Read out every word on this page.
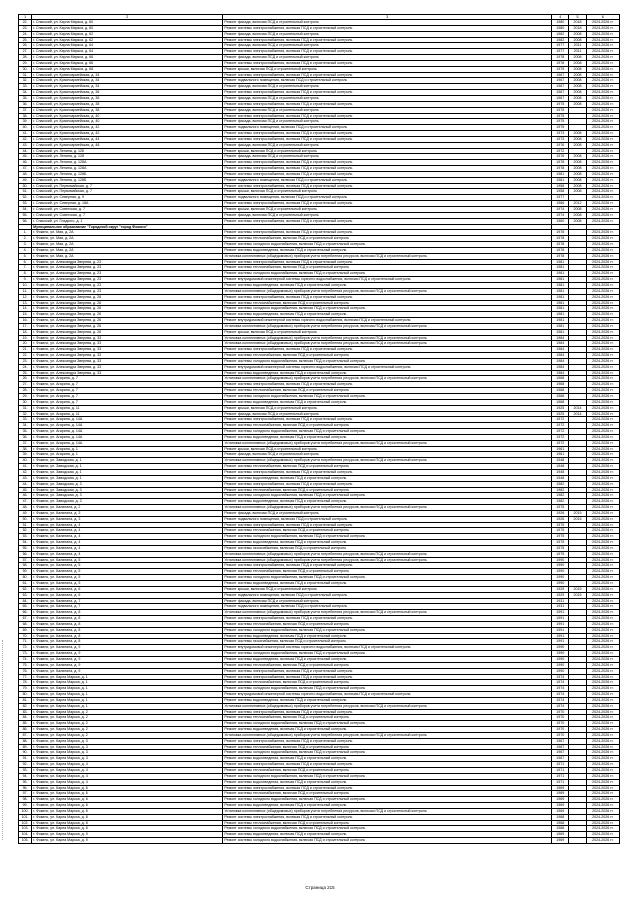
1	2	3	4	5	6
22.	г. Спасский, ул. Карла Маркса, д. 60	Ремонт фасада, включая ПСД и строительный контроль	1980	2018	2024-2026 гг.
23.	г. Спасский, ул. Карла Маркса, д. 60	Ремонт системы электроснабжения, включая ПСД и строительный контроль	1980	2018	2024-2026 гг.
24.	г. Спасский, ул. Карла Маркса, д. 62	Ремонт фасада, включая ПСД и строительный контроль	1982	2008	2024-2026 гг.
25.	г. Спасский, ул. Карла Маркса, д. 62	Ремонт системы электроснабжения, включая ПСД и строительный контроль	1982	2008	2024-2026 гг.
26.	г. Спасский, ул. Карла Маркса, д. 64	Ремонт фасада, включая ПСД и строительный контроль	1977	2011	2024-2026 гг.
27.	г. Спасский, ул. Карла Маркса, д. 64	Ремонт системы электроснабжения, включая ПСД и строительный контроль	1977	2011	2024-2026 гг.
28.	г. Спасский, ул. Карла Маркса, д. 66	Ремонт фасада, включая ПСД и строительный контроль	1978	2008	2024-2026 гг.
29.	г. Спасский, ул. Карла Маркса, д. 66	Ремонт системы электроснабжения, включая ПСД и строительный контроль	1978	2008	2024-2026 гг.
30.	г. Спасский, ул. Карла Маркса, д. 68	Ремонт крыши, включая ПСД и строительный контроль	1979	2008	2024-2026 гг.
31.	г. Спасский, ул. Красноармейская, д. 34	Ремонт системы электроснабжения, включая ПСД и строительный контроль	1967	2008	2024-2026 гг.
32.	г. Спасский, ул. Красноармейская, д. 34	Ремонт подвального помещения, включая ПСД и строительный контроль	1967	2008	2024-2026 гг.
33.	г. Спасский, ул. Красноармейская, д. 34	Ремонт фасада, включая ПСД и строительный контроль	1967	2008	2024-2026 гг.
34.	г. Спасский, ул. Красноармейская, д. 36	Ремонт системы электроснабжения, включая ПСД и строительный контроль	1967	2008	2024-2026 гг.
35.	г. Спасский, ул. Красноармейская, д. 36	Ремонт фасада, включая ПСД и строительный контроль	1967	2008	2024-2026 гг.
36.	г. Спасский, ул. Красноармейская, д. 38	Ремонт системы электроснабжения, включая ПСД и строительный контроль	1975	2008	2024-2026 гг.
37.	г. Спасский, ул. Красноармейская, д. 38	Ремонт фасада, включая ПСД и строительный контроль	1975		2024-2026 гг.
38.	г. Спасский, ул. Красноармейская, д. 40	Ремонт системы электроснабжения, включая ПСД и строительный контроль	1975		2024-2026 гг.
39.	г. Спасский, ул. Красноармейская, д. 40	Ремонт фасада, включая ПСД и строительный контроль	1975		2024-2026 гг.
40.	г. Спасский, ул. Красноармейская, д. 42	Ремонт подвального помещения, включая ПСД и строительный контроль	1975		2024-2026 гг.
41.	г. Спасский, ул. Красноармейская, д. 42	Ремонт системы электроснабжения, включая ПСД и строительный контроль	1973	2008	2024-2026 гг.
42.	г. Спасский, ул. Красноармейская, д. 44	Ремонт системы электроснабжения, включая ПСД и строительный контроль	1973	2008	2024-2026 гг.
43.	г. Спасский, ул. Красноармейская, д. 48	Ремонт фасада, включая ПСД и строительный контроль	1976	2008	2024-2026 гг.
44.	г. Спасский, ул. Ленина, д. 126	Ремонт крыши, включая ПСД и строительный контроль	1972		2024-2026 гг.
45.	г. Спасский, ул. Ленина, д. 128	Ремонт фасада, включая ПСД и строительный контроль	1976	2008	2024-2026 гг.
46.	г. Спасский, ул. Ленина, д. 128А	Ремонт системы электроснабжения, включая ПСД и строительный контроль	1978	2008	2024-2026 гг.
47.	г. Спасский, ул. Ленина, д. 128А	Ремонт системы электроснабжения, включая ПСД и строительный контроль	1978	2008	2024-2026 гг.
48.	г. Спасский, ул. Ленина, д. 128Б	Ремонт системы электроснабжения, включая ПСД и строительный контроль	1981	2008	2024-2026 гг.
49.	г. Спасский, ул. Ленина, д. 128Б	Ремонт подвального помещения, включая ПСД и строительный контроль	1981	2008	2024-2026 гг.
50.	г. Спасский, ул. Первомайская, д. 7	Ремонт системы электроснабжения, включая ПСД и строительный контроль	1958	2008	2024-2026 гг.
51.	г. Спасский, ул. Первомайская, д. 7	Ремонт крыши, включая ПСД и строительный контроль	1958	2008	2024-2026 гг.
52.	г. Спасский, ул. Северная, д. 9	Ремонт подвального помещения, включая ПСД и строительный контроль	1977		2024-2026 гг.
53.	г. Спасский, ул. Северная, д. 18А	Ремонт системы электроснабжения, включая ПСД и строительный контроль	1966	2012	2024-2026 гг.
54.	г. Спасский, ул. Советская, д. 7	Ремонт крыши, включая ПСД и строительный контроль	1974	2008	2024-2026 гг.
55.	г. Спасский, ул. Советская, д. 7	Ремонт фасада, включая ПСД и строительный контроль	1974	2008	2024-2026 гг.
56.	г. Спасский, ул. Гладкого, д. 1	Ремонт системы электроснабжения, включая ПСД и строительный контроль	1960	2008	2024-2026 гг.
	Муниципальное образование "Городской округ "город Фокино"				
1.	г. Фокино, ул. Мая, д. 2А	Ремонт системы электроснабжения, включая ПСД и строительный контроль	1978		2024-2026 гг.
2.	г. Фокино, ул. Мая, д. 2А	Ремонт системы теплоснабжения, включая ПСД и строительный контроль	1978		2024-2026 гг.
3.	г. Фокино, ул. Мая, д. 2А	Ремонт системы холодного водоснабжения, включая ПСД и строительный контроль	1978		2024-2026 гг.
4.	г. Фокино, ул. Мая, д. 2А	Ремонт системы водоотведения, включая ПСД и строительный контроль	1978		2024-2026 гг.
5.	г. Фокино, ул. Мая, д. 2А	Установка коллективных (общедомовых) приборов учета потребления ресурсов, включая ПСД и строительный контроль	1978		2024-2026 гг.
6.	г. Фокино, ул. Александра Зверева, д. 23	Ремонт системы электроснабжения, включая ПСД и строительный контроль	1981		2024-2026 гг.
7.	г. Фокино, ул. Александра Зверева, д. 23	Ремонт системы теплоснабжения, включая ПСД и строительный контроль	1981		2024-2026 гг.
8.	г. Фокино, ул. Александра Зверева, д. 23	Ремонт системы холодного водоснабжения, включая ПСД и строительный контроль	1981		2024-2026 гг.
9.	г. Фокино, ул. Александра Зверева, д. 23	Ремонт внутридомовой инженерной системы горячего водоснабжения, включая ПСД и строительный контроль	1981		2024-2026 гг.
10.	г. Фокино, ул. Александра Зверева, д. 23	Ремонт системы водоотведения, включая ПСД и строительный контроль	1981		2024-2026 гг.
11.	г. Фокино, ул. Александра Зверева, д. 23	Установка коллективных (общедомовых) приборов учета потребления ресурсов, включая ПСД и строительный контроль	1981		2024-2026 гг.
12.	г. Фокино, ул. Александра Зверева, д. 26	Ремонт системы электроснабжения, включая ПСД и строительный контроль	1981		2024-2026 гг.
13.	г. Фокино, ул. Александра Зверева, д. 26	Ремонт системы теплоснабжения, включая ПСД и строительный контроль	1981		2024-2026 гг.
14.	г. Фокино, ул. Александра Зверева, д. 26	Ремонт системы холодного водоснабжения, включая ПСД и строительный контроль	1981		2024-2026 гг.
15.	г. Фокино, ул. Александра Зверева, д. 26	Ремонт системы водоотведения, включая ПСД и строительный контроль	1981		2024-2026 гг.
16.	г. Фокино, ул. Александра Зверева, д. 26	Ремонт внутридомовой инженерной системы горячего водоснабжения, включая ПСД и строительный контроль	1981		2024-2026 гг.
17.	г. Фокино, ул. Александра Зверева, д. 26	Установка коллективных (общедомовых) приборов учета потребления ресурсов, включая ПСД и строительный контроль	1981		2024-2026 гг.
18.	г. Фокино, ул. Александра Зверева, д. 26	Ремонт крыши, включая ПСД и строительный контроль	1981		2024-2026 гг.
19.	г. Фокино, ул. Александра Зверева, д. 33	Установка коллективных (общедомовых) приборов учета потребления ресурсов, включая ПСД и строительный контроль	1984		2024-2026 гг.
20.	г. Фокино, ул. Александра Зверева, д. 33	Установка коллективных (общедомовых) приборов учета потребления ресурсов, включая ПСД и строительный контроль	1984		2024-2026 гг.
21.	г. Фокино, ул. Александра Зверева, д. 33	Ремонт системы электроснабжения, включая ПСД и строительный контроль	1984		2024-2026 гг.
22.	г. Фокино, ул. Александра Зверева, д. 33	Ремонт системы теплоснабжения, включая ПСД и строительный контроль	1984		2024-2026 гг.
23.	г. Фокино, ул. Александра Зверева, д. 33	Ремонт системы холодного водоснабжения, включая ПСД и строительный контроль	1984		2024-2026 гг.
24.	г. Фокино, ул. Александра Зверева, д. 33	Ремонт внутридомовой инженерной системы горячего водоснабжения, включая ПСД и строительный контроль	1984		2024-2026 гг.
25.	г. Фокино, ул. Александра Зверева, д. 33	Ремонт системы водоотведения, включая ПСД и строительный контроль	1984		2024-2026 гг.
26.	г. Фокино, ул. Агарина, д. 7	Установка коллективных (общедомовых) приборов учета потребления ресурсов, включая ПСД и строительный контроль	1968		2024-2026 гг.
27.	г. Фокино, ул. Агарина, д. 7	Ремонт системы электроснабжения, включая ПСД и строительный контроль	1968		2024-2026 гг.
28.	г. Фокино, ул. Агарина, д. 7	Ремонт системы теплоснабжения, включая ПСД и строительный контроль	1968		2024-2026 гг.
29.	г. Фокино, ул. Агарина, д. 7	Ремонт системы холодного водоснабжения, включая ПСД и строительный контроль	1968		2024-2026 гг.
30.	г. Фокино, ул. Агарина, д. 7	Ремонт системы водоотведения, включая ПСД и строительный контроль	1968		2024-2026 гг.
31.	г. Фокино, ул. Агарина, д. 11	Ремонт крыши, включая ПСД и строительный контроль	1925	2014	2024-2026 гг.
32.	г. Фокино, ул. Агарина, д. 11	Ремонт фасада, включая ПСД и строительный контроль	1925	2014	2024-2026 гг.
33.	г. Фокино, ул. Агарина, д. 14А	Ремонт системы электроснабжения, включая ПСД и строительный контроль	1972		2024-2026 гг.
34.	г. Фокино, ул. Агарина, д. 14А	Ремонт системы теплоснабжения, включая ПСД и строительный контроль	1972		2024-2026 гг.
35.	г. Фокино, ул. Агарина, д. 14А	Ремонт системы холодного водоснабжения, включая ПСД и строительный контроль	1972		2024-2026 гг.
36.	г. Фокино, ул. Агарина, д. 14А	Ремонт системы водоотведения, включая ПСД и строительный контроль	1972		2024-2026 гг.
37.	г. Фокино, ул. Агарина, д. 14А	Установка коллективных (общедомовых) приборов учета потребления ресурсов, включая ПСД и строительный контроль	1972		2024-2026 гг.
38.	г. Фокино, ул. Агарина, д. 1	Ремонт крыши, включая ПСД и строительный контроль	1961		2024-2026 гг.
39.	г. Фокино, ул. Агарина, д. 1	Ремонт фасада, включая ПСД и строительный контроль	1961		2024-2026 гг.
40.	г. Фокино, ул. Заводская, д. 1	Установка коллективных (общедомовых) приборов учета потребления ресурсов, включая ПСД и строительный контроль	1948		2024-2026 гг.
41.	г. Фокино, ул. Заводская, д. 1	Ремонт системы теплоснабжения, включая ПСД и строительный контроль	1948		2024-2026 гг.
42.	г. Фокино, ул. Заводская, д. 1	Ремонт системы электроснабжения, включая ПСД и строительный контроль	1948		2024-2026 гг.
43.	г. Фокино, ул. Заводская, д. 1	Ремонт системы водоотведения, включая ПСД и строительный контроль	1948		2024-2026 гг.
44.	г. Фокино, ул. Заводская, д. 3	Ремонт системы электроснабжения, включая ПСД и строительный контроль	1982		2024-2026 гг.
45.	г. Фокино, ул. Заводская, д. 3	Ремонт системы теплоснабжения, включая ПСД и строительный контроль	1982		2024-2026 гг.
46.	г. Фокино, ул. Заводская, д. 3	Ремонт системы холодного водоснабжения, включая ПСД и строительный контроль	1982		2024-2026 гг.
47.	г. Фокино, ул. Заводская, д. 3	Ремонт системы водоотведения, включая ПСД и строительный контроль	1982		2024-2026 гг.
48.	г. Фокино, ул. Калинина, д. 2	Установка коллективных (общедомовых) приборов учета потребления ресурсов, включая ПСД и строительный контроль	1975		2024-2026 гг.
49.	г. Фокино, ул. Калинина, д. 3	Ремонт фасада, включая ПСД и строительный контроль	1926	2015	2024-2026 гг.
50.	г. Фокино, ул. Калинина, д. 3	Ремонт подвального помещения, включая ПСД и строительный контроль	1926	2015	2024-2026 гг.
51.	г. Фокино, ул. Калинина, д. 4	Ремонт системы электроснабжения, включая ПСД и строительный контроль	1975		2024-2026 гг.
52.	г. Фокино, ул. Калинина, д. 4	Ремонт системы теплоснабжения, включая ПСД и строительный контроль	1975		2024-2026 гг.
53.	г. Фокино, ул. Калинина, д. 4	Ремонт системы холодного водоснабжения, включая ПСД и строительный контроль	1975		2024-2026 гг.
54.	г. Фокино, ул. Калинина, д. 4	Ремонт системы водоотведения, включая ПСД и строительный контроль	1975		2024-2026 гг.
55.	г. Фокино, ул. Калинина, д. 4	Ремонт системы газоснабжения, включая ПСД и строительный контроль	1975		2024-2026 гг.
56.	г. Фокино, ул. Калинина, д. 4	Установка коллективных (общедомовых) приборов учета потребления ресурсов, включая ПСД и строительный контроль	1975		2024-2026 гг.
57.	г. Фокино, ул. Калинина, д. 5	Установка коллективных (общедомовых) приборов учета потребления ресурсов, включая ПСД и строительный контроль	1990		2024-2026 гг.
58.	г. Фокино, ул. Калинина, д. 5	Ремонт системы электроснабжения, включая ПСД и строительный контроль	1990		2024-2026 гг.
59.	г. Фокино, ул. Калинина, д. 5	Ремонт системы теплоснабжения, включая ПСД и строительный контроль	1990		2024-2026 гг.
60.	г. Фокино, ул. Калинина, д. 5	Ремонт системы холодного водоснабжения, включая ПСД и строительный контроль	1990		2024-2026 гг.
61.	г. Фокино, ул. Калинина, д. 5	Ремонт системы водоотведения, включая ПСД и строительный контроль	1990		2024-2026 гг.
62.	г. Фокино, ул. Калинина, д. 6	Ремонт крыши, включая ПСД и строительный контроль	1929	2015	2024-2026 гг.
63.	г. Фокино, ул. Калинина, д. 6	Ремонт подвального помещения, включая ПСД и строительный контроль	1929	2015	2024-2026 гг.
64.	г. Фокино, ул. Калинина, д. 7	Ремонт фасада, включая ПСД и строительный контроль	1931		2024-2026 гг.
65.	г. Фокино, ул. Калинина, д. 7	Ремонт подвального помещения, включая ПСД и строительный контроль	1931		2024-2026 гг.
66.	г. Фокино, ул. Калинина, д. 8	Установка коллективных (общедомовых) приборов учета потребления ресурсов, включая ПСД и строительный контроль	1991		2024-2026 гг.
67.	г. Фокино, ул. Калинина, д. 8	Ремонт системы электроснабжения, включая ПСД и строительный контроль	1991		2024-2026 гг.
68.	г. Фокино, ул. Калинина, д. 8	Ремонт системы теплоснабжения, включая ПСД и строительный контроль	1991		2024-2026 гг.
69.	г. Фокино, ул. Калинина, д. 8	Ремонт системы холодного водоснабжения, включая ПСД и строительный контроль	1991		2024-2026 гг.
70.	г. Фокино, ул. Калинина, д. 8	Ремонт системы водоотведения, включая ПСД и строительный контроль	1991		2024-2026 гг.
71.	г. Фокино, ул. Калинина, д. 8	Ремонт системы газоснабжения, включая ПСД и строительный контроль	1991		2024-2026 гг.
72.	г. Фокино, ул. Калинина, д. 9	Ремонт внутридомовой инженерной системы горячего водоснабжения, включая ПСД и строительный контроль	1990		2024-2026 гг.
73.	г. Фокино, ул. Калинина, д. 9	Ремонт системы холодного водоснабжения, включая ПСД и строительный контроль	1990		2024-2026 гг.
74.	г. Фокино, ул. Калинина, д. 9	Ремонт системы водоотведения, включая ПСД и строительный контроль	1990		2024-2026 гг.
75.	г. Фокино, ул. Калинина, д. 9	Ремонт системы теплоснабжения, включая ПСД и строительный контроль	1990		2024-2026 гг.
76.	г. Фокино, ул. Калинина, д. 9	Ремонт системы электроснабжения, включая ПСД и строительный контроль	1990		2024-2026 гг.
77.	г. Фокино, ул. Карла Маркса, д. 1	Ремонт системы электроснабжения, включая ПСД и строительный контроль	1974		2024-2026 гг.
78.	г. Фокино, ул. Карла Маркса, д. 1	Ремонт системы теплоснабжения, включая ПСД и строительный контроль	1974		2024-2026 гг.
79.	г. Фокино, ул. Карла Маркса, д. 1	Ремонт системы холодного водоснабжения, включая ПСД и строительный контроль	1974		2024-2026 гг.
80.	г. Фокино, ул. Карла Маркса, д. 1	Ремонт внутридомовой инженерной системы горячего водоснабжения, включая ПСД и строительный контроль	1974		2024-2026 гг.
81.	г. Фокино, ул. Карла Маркса, д. 1	Ремонт системы водоотведения, включая ПСД и строительный контроль	1974		2024-2026 гг.
82.	г. Фокино, ул. Карла Маркса, д. 1	Установка коллективных (общедомовых) приборов учета потребления ресурсов, включая ПСД и строительный контроль	1974		2024-2026 гг.
83.	г. Фокино, ул. Карла Маркса, д. 2	Ремонт системы электроснабжения, включая ПСД и строительный контроль	1970		2024-2026 гг.
84.	г. Фокино, ул. Карла Маркса, д. 2	Ремонт системы теплоснабжения, включая ПСД и строительный контроль	1970		2024-2026 гг.
85.	г. Фокино, ул. Карла Маркса, д. 2	Ремонт системы холодного водоснабжения, включая ПСД и строительный контроль	1970		2024-2026 гг.
86.	г. Фокино, ул. Карла Маркса, д. 2	Ремонт системы водоотведения, включая ПСД и строительный контроль	1970		2024-2026 гг.
87.	г. Фокино, ул. Карла Маркса, д. 2	Установка коллективных (общедомовых) приборов учета потребления ресурсов, включая ПСД и строительный контроль	1970		2024-2026 гг.
88.	г. Фокино, ул. Карла Маркса, д. 3	Ремонт системы электроснабжения, включая ПСД и строительный контроль	1967		2024-2026 гг.
89.	г. Фокино, ул. Карла Маркса, д. 3	Ремонт системы теплоснабжения, включая ПСД и строительный контроль	1967		2024-2026 гг.
90.	г. Фокино, ул. Карла Маркса, д. 3	Ремонт системы холодного водоснабжения, включая ПСД и строительный контроль	1967		2024-2026 гг.
91.	г. Фокино, ул. Карла Маркса, д. 3	Ремонт системы водоотведения, включая ПСД и строительный контроль	1967		2024-2026 гг.
92.	г. Фокино, ул. Карла Маркса, д. 4	Ремонт системы электроснабжения, включая ПСД и строительный контроль	1971		2024-2026 гг.
93.	г. Фокино, ул. Карла Маркса, д. 4	Ремонт системы теплоснабжения, включая ПСД и строительный контроль	1971		2024-2026 гг.
94.	г. Фокино, ул. Карла Маркса, д. 4	Ремонт системы холодного водоснабжения, включая ПСД и строительный контроль	1971		2024-2026 гг.
95.	г. Фокино, ул. Карла Маркса, д. 4	Ремонт системы водоотведения, включая ПСД и строительный контроль	1971		2024-2026 гг.
96.	г. Фокино, ул. Карла Маркса, д. 6	Ремонт системы электроснабжения, включая ПСД и строительный контроль	1969		2024-2026 гг.
97.	г. Фокино, ул. Карла Маркса, д. 6	Ремонт системы теплоснабжения, включая ПСД и строительный контроль	1969		2024-2026 гг.
98.	г. Фокино, ул. Карла Маркса, д. 6	Ремонт системы холодного водоснабжения, включая ПСД и строительный контроль	1969		2024-2026 гг.
99.	г. Фокино, ул. Карла Маркса, д. 6	Ремонт системы водоотведения, включая ПСД и строительный контроль	1969		2024-2026 гг.
100.	г. Фокино, ул. Карла Маркса, д. 6	Установка коллективных (общедомовых) приборов учета потребления ресурсов, включая ПСД и строительный контроль	1969		2024-2026 гг.
101.	г. Фокино, ул. Карла Маркса, д. 8	Ремонт системы электроснабжения, включая ПСД и строительный контроль	1968		2024-2026 гг.
102.	г. Фокино, ул. Карла Маркса, д. 8	Ремонт системы теплоснабжения, включая ПСД и строительный контроль	1968		2024-2026 гг.
103.	г. Фокино, ул. Карла Маркса, д. 8	Ремонт системы холодного водоснабжения, включая ПСД и строительный контроль	1968		2024-2026 гг.
104.	г. Фокино, ул. Карла Маркса, д. 9	Ремонт системы водоотведения, включая ПСД и строительный контроль	1969		2024-2026 гг.
105.	г. Фокино, ул. Карла Маркса, д. 9	Ремонт системы холодного водоснабжения, включая ПСД и строительный контроль	1969		2024-2026 гг.
Страница 215
